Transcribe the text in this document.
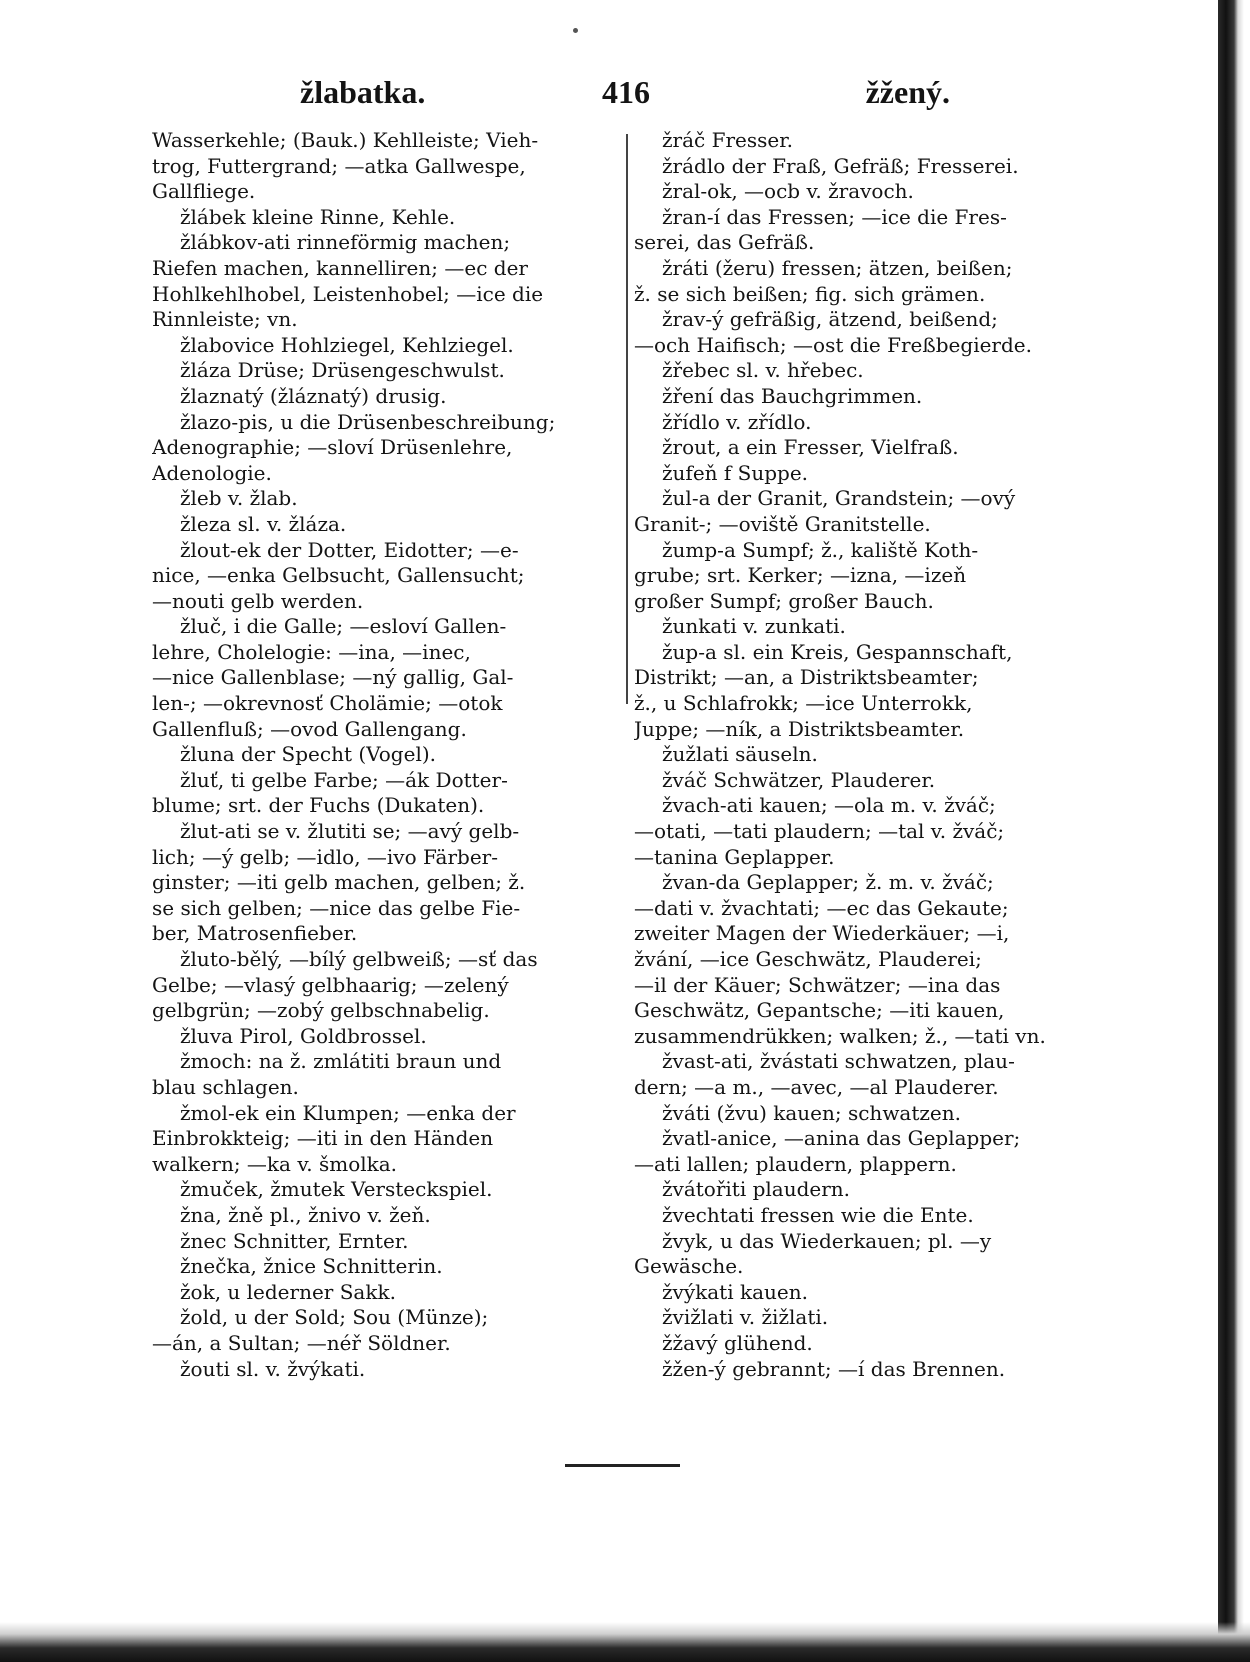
žlabatka.	416	žžený.
Wasserkehle; (Bauk.) Kehlleiste; Vieh-
trog, Futtergrand; —atka Gallwespe,
Gallfliege.
žlábek kleine Rinne, Kehle.
žlábkov-ati rinneförmig machen;
Riefen machen, kannelliren; —ec der
Hohlkehlhobel, Leistenhobel; —ice die
Rinnleiste; vn.
žlabovice Hohlziegel, Kehlziegel.
žláza Drüse; Drüsengeschwulst.
žlaznatý (žláznatý) drusig.
žlazo-pis, u die Drüsenbeschreibung;
Adenographie; —sloví Drüsenlehre,
Adenologie.
žleb v. žlab.
žleza sl. v. žláza.
žlout-ek der Dotter, Eidotter; —e-
nice, —enka Gelbsucht, Gallensucht;
—nouti gelb werden.
žluč, i die Galle; —esloví Gallen-
lehre, Cholelogie: —ina, —inec,
—nice Gallenblase; —ný gallig, Gal-
len-; —okrevnosť Cholämie; —otok
Gallenfluß; —ovod Gallengang.
žluna der Specht (Vogel).
žluť, ti gelbe Farbe; —ák Dotter-
blume; srt. der Fuchs (Dukaten).
žlut-ati se v. žlutiti se; —avý gelb-
lich; —ý gelb; —idlo, —ivo Färber-
ginster; —iti gelb machen, gelben; ž.
se sich gelben; —nice das gelbe Fie-
ber, Matrosenfieber.
žluto-bělý, —bílý gelbweiß; —sť das
Gelbe; —vlasý gelbhaarig; —zelený
gelbgrün; —zobý gelbschnabelig.
žluva Pirol, Goldbrossel.
žmoch: na ž. zmlátiti braun und
blau schlagen.
žmol-ek ein Klumpen; —enka der
Einbrokkteig; —iti in den Händen
walkern; —ka v. šmolka.
žmuček, žmutek Versteckspiel.
žna, žně pl., žnivo v. žeň.
žnec Schnitter, Ernter.
žnečka, žnice Schnitterin.
žok, u lederner Sakk.
žold, u der Sold; Sou (Münze);
—án, a Sultan; —néř Söldner.
žouti sl. v. žvýkati.
žráč Fresser.
žrádlo der Fraß, Gefräß; Fresserei.
žral-ok, —ocb v. žravoch.
žran-í das Fressen; —ice die Fres-
serei, das Gefräß.
žráti (žeru) fressen; ätzen, beißen;
ž. se sich beißen; fig. sich grämen.
žrav-ý gefräßig, ätzend, beißend;
—och Haifisch; —ost die Freßbegierde.
žřebec sl. v. hřebec.
žření das Bauchgrimmen.
žřídlo v. zřídlo.
žrout, a ein Fresser, Vielfraß.
žufeň f Suppe.
žul-a der Granit, Grandstein; —ový
Granit-; —oviště Granitstelle.
žump-a Sumpf; ž., kaliště Koth-
grube; srt. Kerker; —izna, —izeň
großer Sumpf; großer Bauch.
žunkati v. zunkati.
žup-a sl. ein Kreis, Gespannschaft,
Distrikt; —an, a Distriktsbeamter;
ž., u Schlafrokk; —ice Unterrokk,
Juppe; —ník, a Distriktsbeamter.
žužlati säuseln.
žváč Schwätzer, Plauderer.
žvach-ati kauen; —ola m. v. žváč;
—otati, —tati plaudern; —tal v. žváč;
—tanina Geplapper.
žvan-da Geplapper; ž. m. v. žváč;
—dati v. žvachtati; —ec das Gekaute;
zweiter Magen der Wiederkäuer; —i,
žvání, —ice Geschwätz, Plauderei;
—il der Käuer; Schwätzer; —ina das
Geschwätz, Gepantsche; —iti kauen,
zusammendrükken; walken; ž., —tati vn.
žvast-ati, žvástati schwatzen, plau-
dern; —a m., —avec, —al Plauderer.
žváti (žvu) kauen; schwatzen.
žvatl-anice, —anina das Geplapper;
—ati lallen; plaudern, plappern.
žvátořiti plaudern.
žvechtati fressen wie die Ente.
žvyk, u das Wiederkauen; pl. —y
Gewäsche.
žvýkati kauen.
žvižlati v. žižlati.
žžavý glühend.
žžen-ý gebrannt; —í das Brennen.
